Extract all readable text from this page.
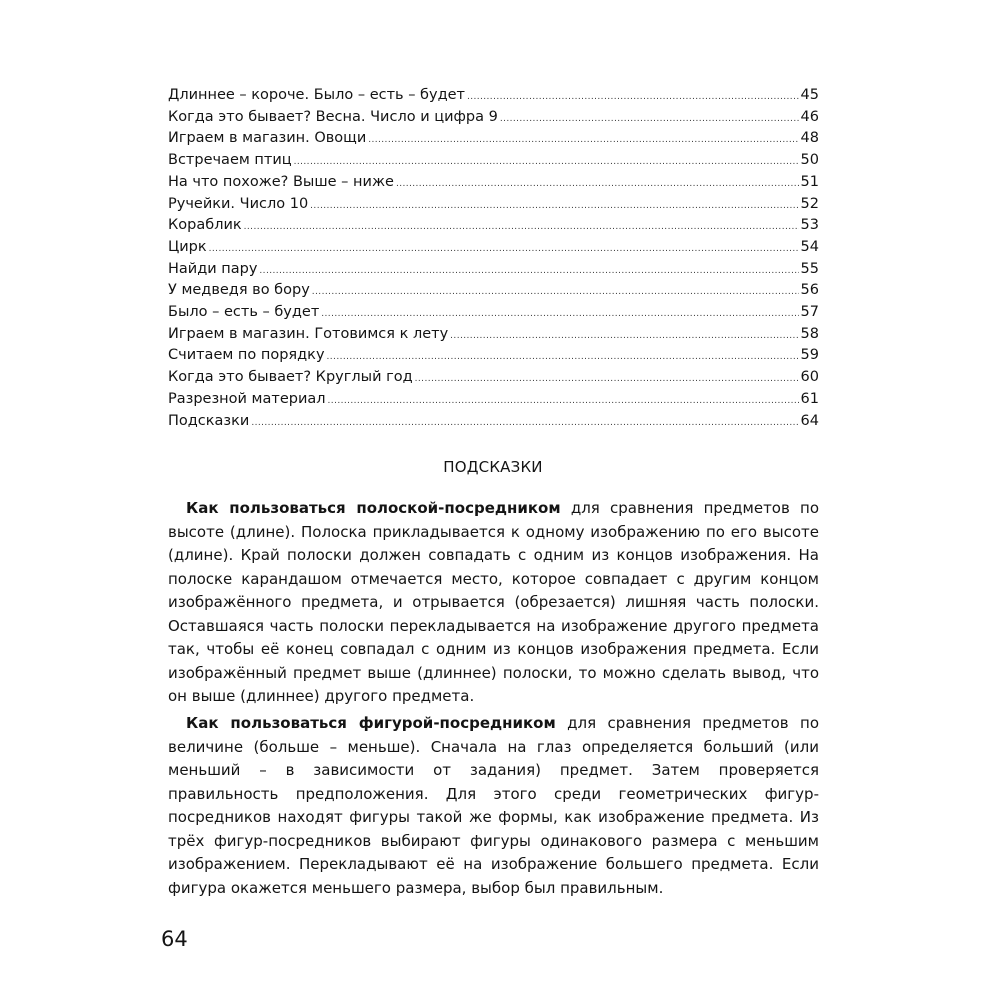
Длиннее – короче. Было – есть – будет .....	45
Когда это бывает? Весна. Число и цифра 9 .....	46
Играем в магазин. Овощи .....	48
Встречаем птиц .....	50
На что похоже? Выше – ниже .....	51
Ручейки. Число 10 .....	52
Кораблик .....	53
Цирк .....	54
Найди пару .....	55
У медведя во бору .....	56
Было – есть – будет .....	57
Играем в магазин. Готовимся к лету .....	58
Считаем по порядку .....	59
Когда это бывает? Круглый год .....	60
Разрезной материал .....	61
Подсказки .....	64
ПОДСКАЗКИ

Как пользоваться полоской-посредником для сравнения предметов по высоте (длине). Полоска прикладывается к одному изображению по его высоте (длине). Край полоски должен совпадать с одним из концов изображения. На полоске карандашом отмечается место, которое совпадает с другим концом изображённого предмета, и отрывается (обрезается) лишняя часть полоски. Оставшаяся часть полоски перекладывается на изображение другого предмета так, чтобы её конец совпадал с одним из концов изображения предмета. Если изображённый предмет выше (длиннее) полоски, то можно сделать вывод, что он выше (длиннее) другого предмета.

Как пользоваться фигурой-посредником для сравнения предметов по величине (больше – меньше). Сначала на глаз определяется больший (или меньший – в зависимости от задания) предмет. Затем проверяется правильность предположения. Для этого среди геометрических фигур-посредников находят фигуры такой же формы, как изображение предмета. Из трёх фигур-посредников выбирают фигуры одинакового размера с меньшим изображением. Перекладывают её на изображение большего предмета. Если фигура окажется меньшего размера, выбор был правильным.

64
